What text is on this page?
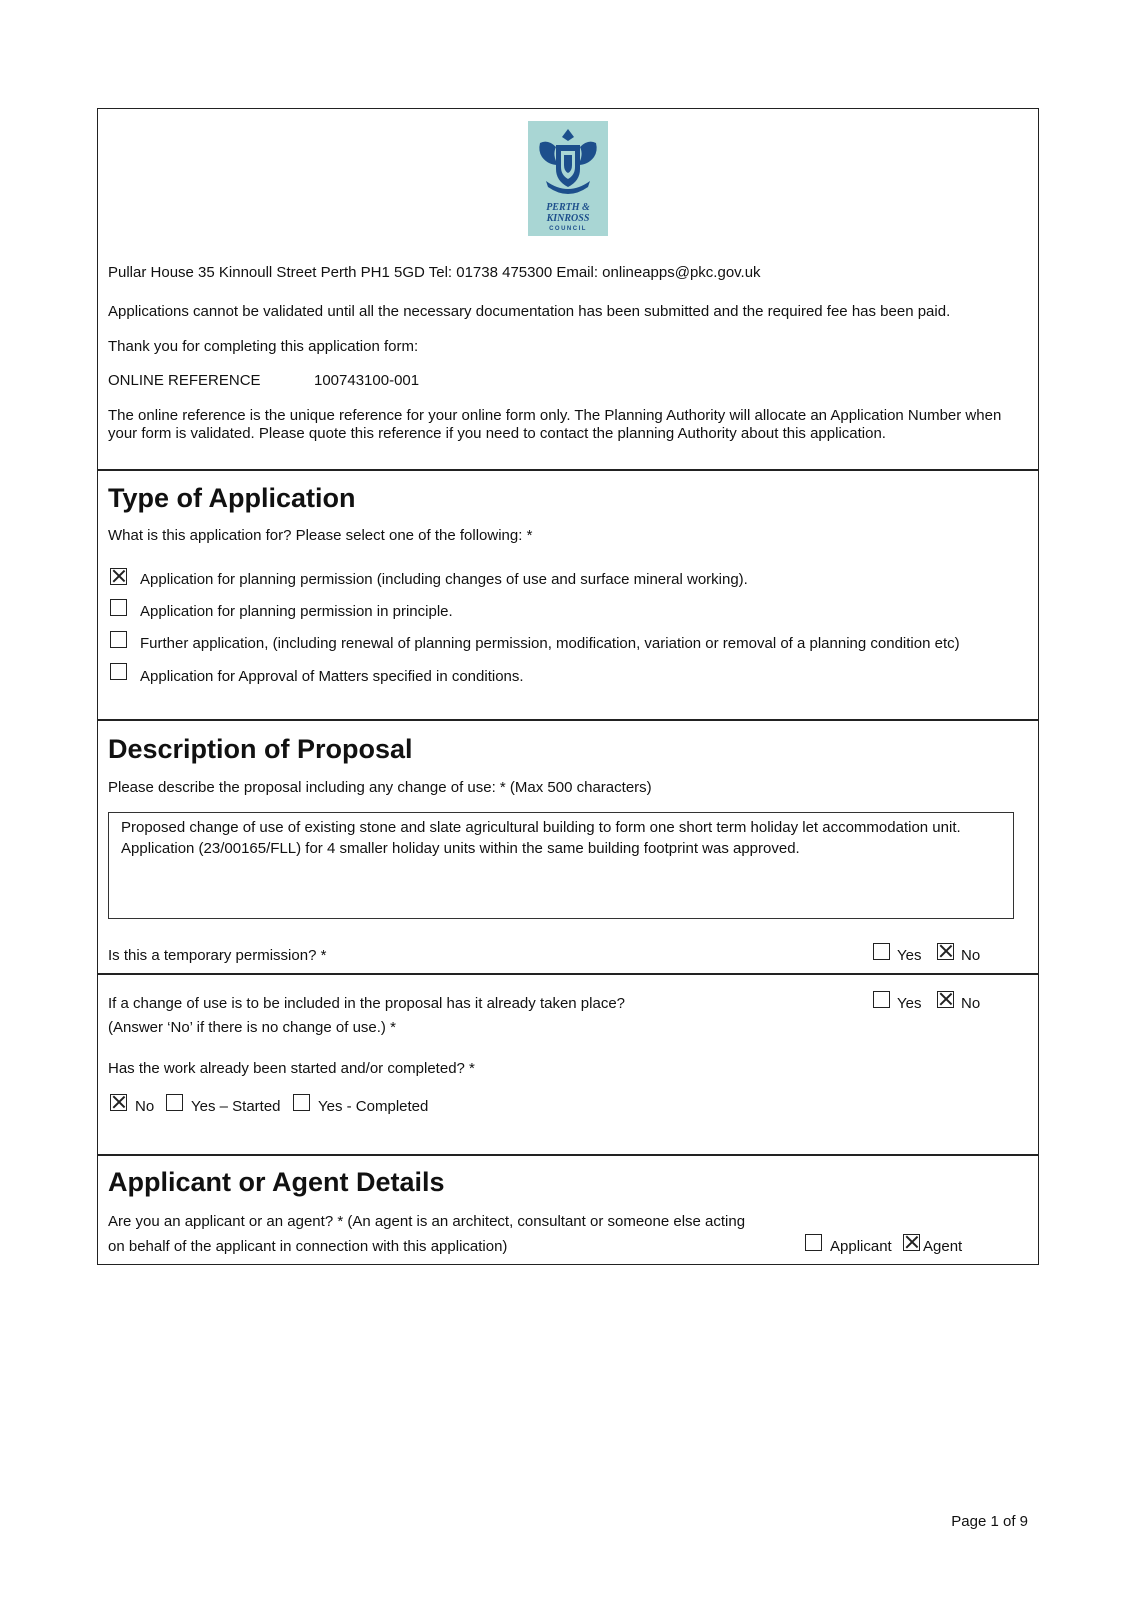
PERTH &
KINROSS
COUNCIL
Pullar House 35 Kinnoull Street Perth PH1 5GD Tel: 01738 475300 Email: onlineapps@pkc.gov.uk
Applications cannot be validated until all the necessary documentation has been submitted and the required fee has been paid.
Thank you for completing this application form:
ONLINE REFERENCE	100743100-001
The online reference is the unique reference for your online form only. The Planning Authority will allocate an Application Number when your form is validated. Please quote this reference if you need to contact the planning Authority about this application.
Type of Application
What is this application for? Please select one of the following: *
Application for planning permission (including changes of use and surface mineral working).
Application for planning permission in principle.
Further application, (including renewal of planning permission, modification, variation or removal of a planning condition etc)
Application for Approval of Matters specified in conditions.
Description of Proposal
Please describe the proposal including any change of use: * (Max 500 characters)
Proposed change of use of existing stone and slate agricultural building to form one short term holiday let accommodation unit.
Application (23/00165/FLL) for 4 smaller holiday units within the same building footprint was approved.
Is this a temporary permission? *	Yes	No
If a change of use is to be included in the proposal has it already taken place?
(Answer ‘No’ if there is no change of use.) *
Yes	No
Has the work already been started and/or completed? *
No Yes – Started Yes - Completed
Applicant or Agent Details
Are you an applicant or an agent? * (An agent is an architect, consultant or someone else acting
on behalf of the applicant in connection with this application)	Applicant Agent
Page 1 of 9
